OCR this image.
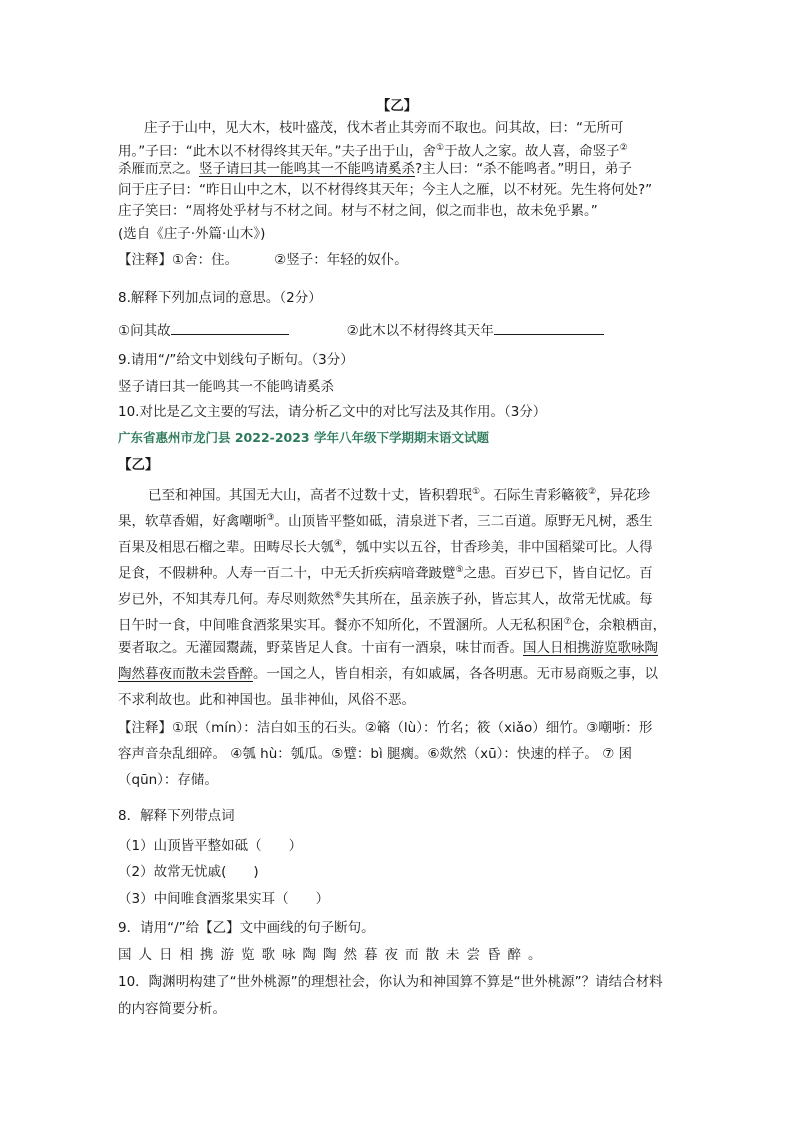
【乙】
庄子于山中，见大木，枝叶盛茂，伐木者止其旁而不取也。问其故，曰：“无所可
用。”子曰：“此木以不材得终其天年。”夫子出于山，舍①于故人之家。故人喜，命竖子②
杀雁而烹之。竖子请曰其一能鸣其一不能鸣请奚杀?主人曰：“杀不能鸣者。”明日，弟子
问于庄子曰：“昨日山中之木，以不材得终其天年；今主人之雁，以不材死。先生将何处?”
庄子笑曰：“周将处乎材与不材之间。材与不材之间，似之而非也，故未免乎累。”
(选自《庄子·外篇·山木》)
【注释】①舍：住。	②竖子：年轻的奴仆。
8.解释下列加点词的意思。（2分）
①问其故	②此木以不材得终其天年
9.请用“/”给文中划线句子断句。（3分）
竖子请曰其一能鸣其一不能鸣请奚杀
10.对比是乙文主要的写法，请分析乙文中的对比写法及其作用。（3分）
广东省惠州市龙门县 2022-2023 学年八年级下学期期末语文试题
【乙】
已至和神国。其国无大山，高者不过数十丈，皆积碧珉①。石际生青彩簵筱②，异花珍
果，软草香媚，好禽嘲哳③。山顶皆平整如砥，清泉迸下者，三二百道。原野无凡树，悉生
百果及相思石榴之辈。田畴尽长大瓠④，瓠中实以五谷，甘香珍美，非中国稻粱可比。人得
足食，不假耕种。人寿一百二十，中无夭折疾病喑聋跛躄⑤之患。百岁已下，皆自记忆。百
岁已外，不知其寿几何。寿尽则欻然⑥失其所在，虽亲族子孙，皆忘其人，故常无忧戚。每
日午时一食，中间唯食酒浆果实耳。餐亦不知所化，不置溷所。人无私积囷⑦仓，余粮栖亩，
要者取之。无灌园鬻蔬，野菜皆足人食。十亩有一酒泉，味甘而香。国人日相携游览歌咏陶
陶然暮夜而散未尝昏醉。一国之人，皆自相亲，有如戚属，各各明惠。无市易商贩之事，以
不求利故也。此和神国也。虽非神仙，风俗不恶。
【注释】①珉（mín）：洁白如玉的石头。②簵（lù）：竹名；筱（xiǎo）细竹。③嘲哳：形
容声音杂乱细碎。 ④瓠 hù：瓠瓜。⑤躄：bì 腿瘸。⑥欻然（xū）：快速的样子。 ⑦ 囷
（qūn）：存储。
8．解释下列带点词
（1）山顶皆平整如砥（　　）
（2）故常无忧戚(　　)
（3）中间唯食酒浆果实耳（　　）
9．请用“/”给【乙】文中画线的句子断句。
国人日相携游览歌咏陶陶然暮夜而散未尝昏醉。
10．陶渊明构建了“世外桃源”的理想社会，你认为和神国算不算是“世外桃源”？请结合材料
的内容简要分析。
